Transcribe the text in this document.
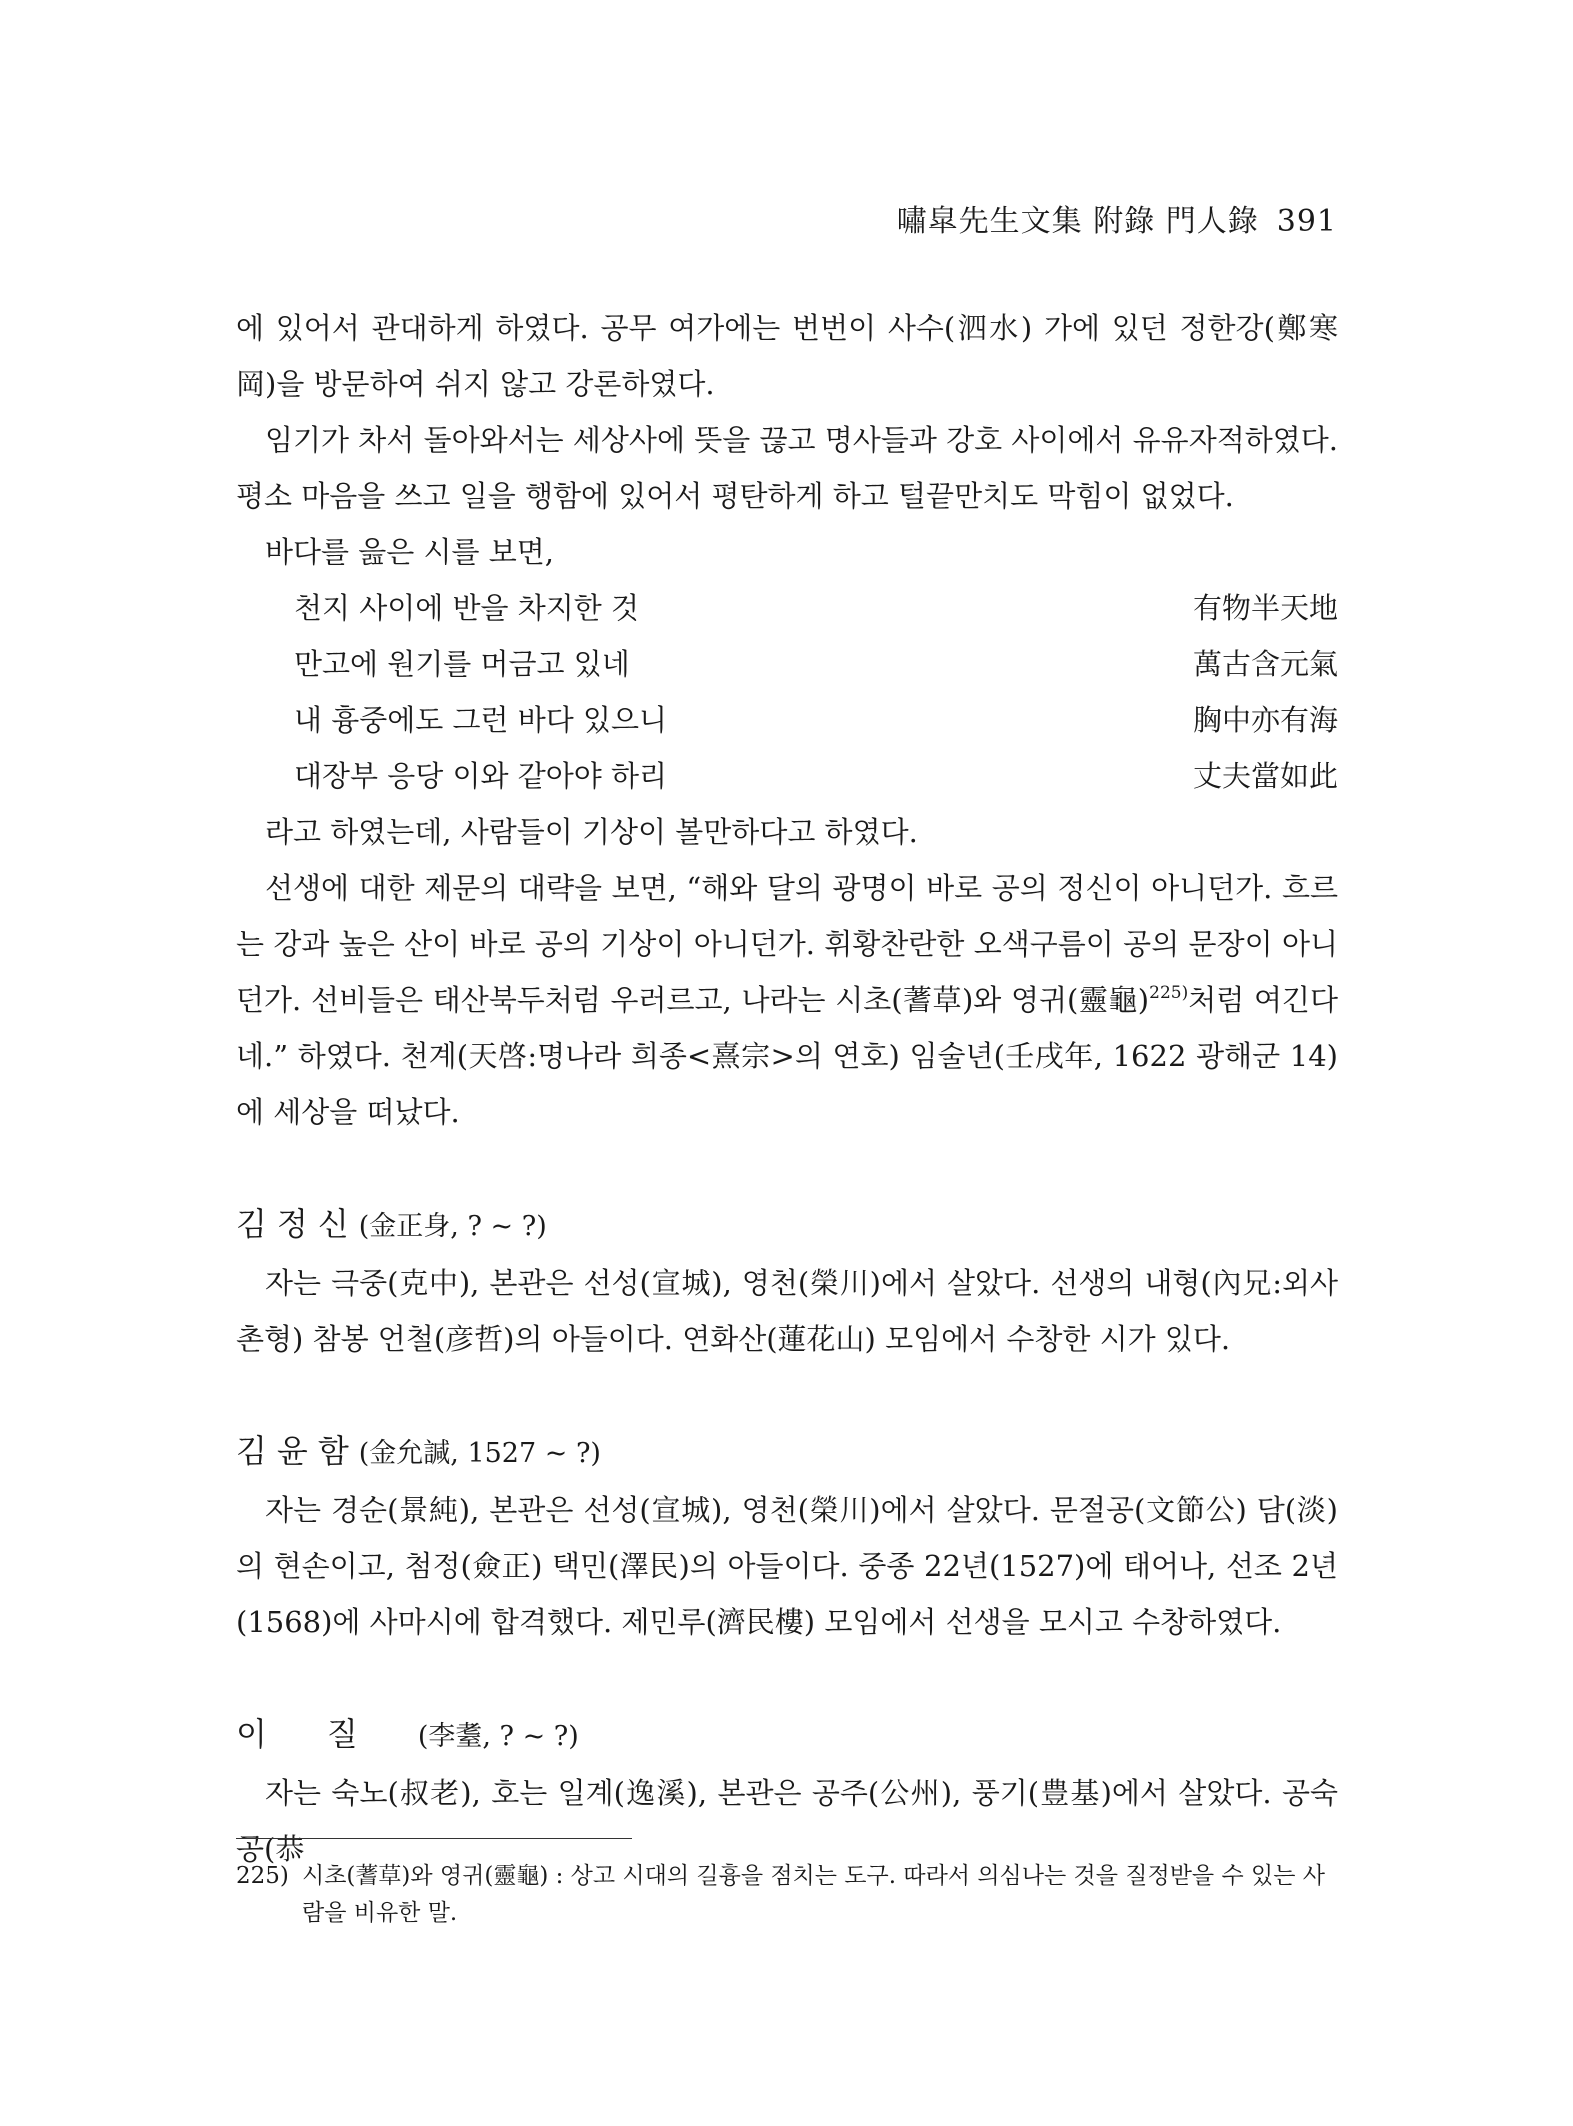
嘯皐先生文集 附錄 門人錄 391

에 있어서 관대하게 하였다. 공무 여가에는 번번이 사수(泗水) 가에 있던 정한강(鄭寒岡)을 방문하여 쉬지 않고 강론하였다.

임기가 차서 돌아와서는 세상사에 뜻을 끊고 명사들과 강호 사이에서 유유자적하였다. 평소 마음을 쓰고 일을 행함에 있어서 평탄하게 하고 털끝만치도 막힘이 없었다.

바다를 읊은 시를 보면,

천지 사이에 반을 차지한 것	有物半天地
만고에 원기를 머금고 있네	萬古含元氣
내 흉중에도 그런 바다 있으니	胸中亦有海
대장부 응당 이와 같아야 하리	丈夫當如此

라고 하였는데, 사람들이 기상이 볼만하다고 하였다.

선생에 대한 제문의 대략을 보면, “해와 달의 광명이 바로 공의 정신이 아니던가. 흐르는 강과 높은 산이 바로 공의 기상이 아니던가. 휘황찬란한 오색구름이 공의 문장이 아니던가. 선비들은 태산북두처럼 우러르고, 나라는 시초(蓍草)와 영귀(靈龜)$^{225)}$처럼 여긴다네.” 하였다. 천계(天啓:명나라 희종<熹宗>의 연호) 임술년(壬戌年, 1622 광해군 14)에 세상을 떠났다.

김정신(金正身, ? ~ ?)

자는 극중(克中), 본관은 선성(宣城), 영천(榮川)에서 살았다. 선생의 내형(內兄:외사촌형) 참봉 언철(彦哲)의 아들이다. 연화산(蓮花山) 모임에서 수창한 시가 있다.

김윤함(金允諴, 1527 ~ ?)

자는 경순(景純), 본관은 선성(宣城), 영천(榮川)에서 살았다. 문절공(文節公) 담(淡)의 현손이고, 첨정(僉正) 택민(澤民)의 아들이다. 중종 22년(1527)에 태어나, 선조 2년(1568)에 사마시에 합격했다. 제민루(濟民樓) 모임에서 선생을 모시고 수창하였다.

이질(李耋, ? ~ ?)

자는 숙노(叔老), 호는 일계(逸溪), 본관은 공주(公州), 풍기(豊基)에서 살았다. 공숙공(恭

225) 시초(蓍草)와 영귀(靈龜) : 상고 시대의 길흉을 점치는 도구. 따라서 의심나는 것을 질정받을 수 있는 사람을 비유한 말.
